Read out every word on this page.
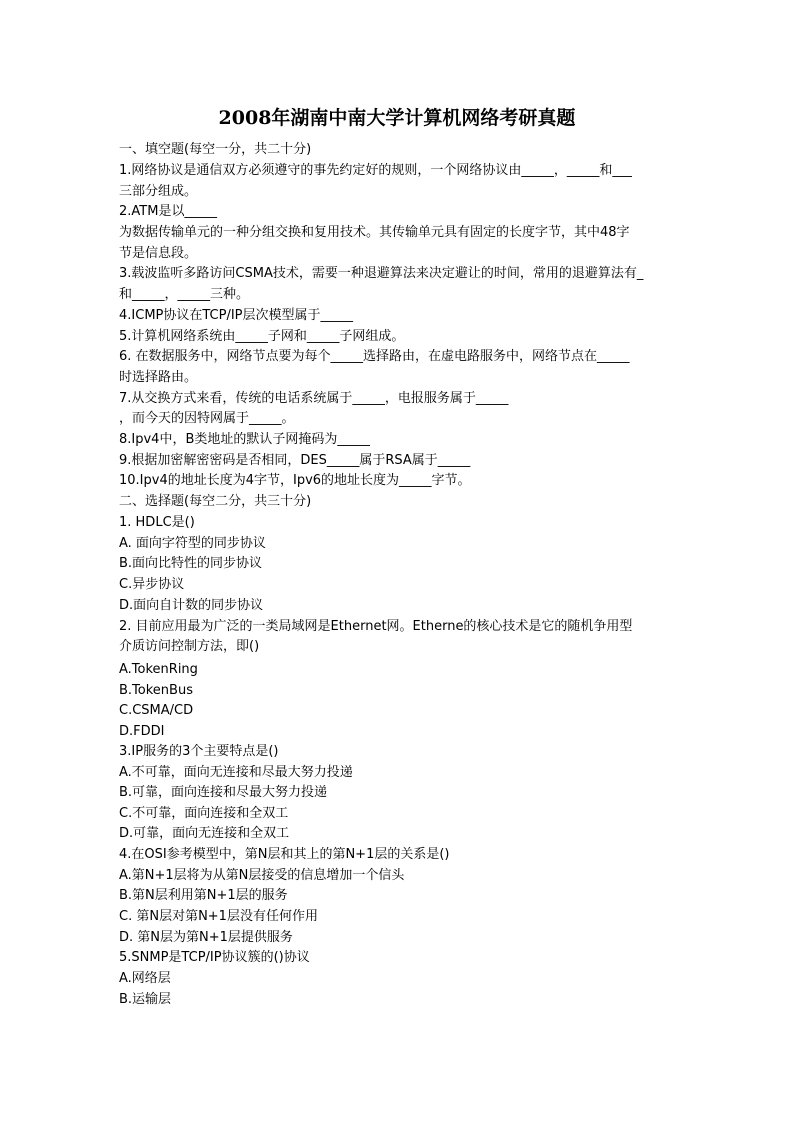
2008年湖南中南大学计算机网络考研真题
一、填空题(每空一分，共二十分)
1.网络协议是通信双方必须遵守的事先约定好的规则，一个网络协议由_____，_____和___
三部分组成。
2.ATM是以_____
为数据传输单元的一种分组交换和复用技术。其传输单元具有固定的长度字节，其中48字
节是信息段。
3.载波监听多路访问CSMA技术，需要一种退避算法来决定避让的时间，常用的退避算法有_
和_____，_____三种。
4.ICMP协议在TCP/IP层次模型属于_____
5.计算机网络系统由_____子网和_____子网组成。
6. 在数据服务中，网络节点要为每个_____选择路由，在虚电路服务中，网络节点在_____
时选择路由。
7.从交换方式来看，传统的电话系统属于_____，电报服务属于_____
，而今天的因特网属于_____。
8.Ipv4中，B类地址的默认子网掩码为_____
9.根据加密解密密码是否相同，DES_____属于RSA属于_____
10.Ipv4的地址长度为4字节，Ipv6的地址长度为_____字节。
二、选择题(每空二分，共三十分)
1. HDLC是()
A. 面向字符型的同步协议
B.面向比特性的同步协议
C.异步协议
D.面向自计数的同步协议
2. 目前应用最为广泛的一类局域网是Ethernet网。Etherne的核心技术是它的随机争用型
介质访问控制方法，即()
A.TokenRing
B.TokenBus
C.CSMA/CD
D.FDDI
3.IP服务的3个主要特点是()
A.不可靠，面向无连接和尽最大努力投递
B.可靠，面向连接和尽最大努力投递
C.不可靠，面向连接和全双工
D.可靠，面向无连接和全双工
4.在OSI参考模型中，第N层和其上的第N+1层的关系是()
A.第N+1层将为从第N层接受的信息增加一个信头
B.第N层利用第N+1层的服务
C. 第N层对第N+1层没有任何作用
D. 第N层为第N+1层提供服务
5.SNMP是TCP/IP协议簇的()协议
A.网络层
B.运输层
